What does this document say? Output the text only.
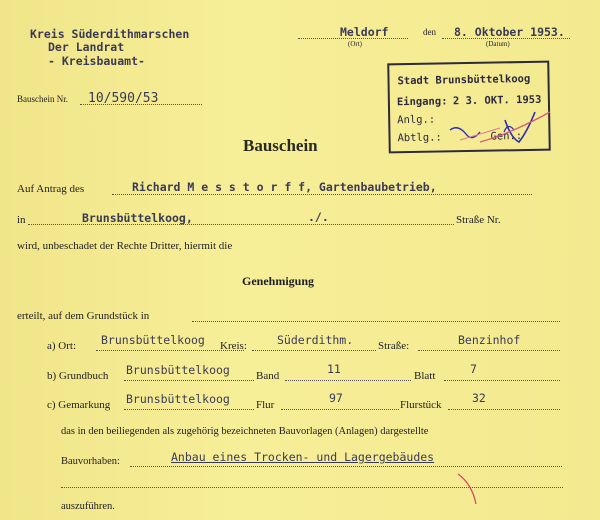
Kreis Süderdithmarschen
Der Landrat
- Kreisbauamt-
Meldorf
(Ort)
den 8. Oktober 1953.
(Datum)
Stadt Brunsbüttelkoog
Eingang: 2 3. OKT. 1953
Anlg.:
Abtlg.:	Gen.:
Bauschein Nr. 10/590/53
Bauschein
Auf Antrag des	Richard M e s s t o r f f, Gartenbaubetrieb,
in	Brunsbüttelkoog,	./.	Straße Nr.
wird, unbeschadet der Rechte Dritter, hiermit die
Genehmigung
erteilt, auf dem Grundstück in
a) Ort: Brunsbüttelkoog Kreis:	Süderdithm. Straße:	Benzinhof
b) Grundbuch Brunsbüttelkoog Band	11	Blatt	7
c) Gemarkung Brunsbüttelkoog Flur	97	Flurstück	32
das in den beiliegenden als zugehörig bezeichneten Bauvorlagen (Anlagen) dargestellte
Bauvorhaben:	Anbau eines Trocken- und Lagergebäudes
auszuführen.
